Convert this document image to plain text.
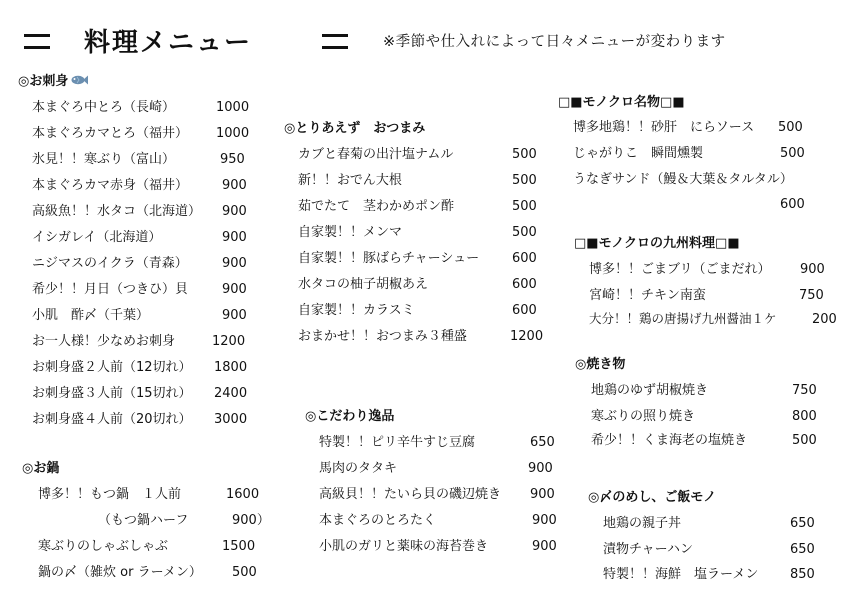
料理メニュー	※季節や仕入れによって日々メニューが変わります
◎お刺身
本まぐろ中とろ（長崎）	1000
本まぐろカマとろ（福井） 1000
氷見！！寒ぶり（富山）	950
本まぐろカマ赤身（福井）	900
高級魚！！水タコ（北海道） 900
イシガレイ（北海道）	900
ニジマスのイクラ（青森）	900
希少！！月日（つきひ）貝	900
小肌　酢〆（千葉）	900
お一人様！少なめお刺身	1200
お刺身盛２人前（12切れ） 1800
お刺身盛３人前（15切れ） 2400
お刺身盛４人前（20切れ） 3000
◎お鍋
博多！！もつ鍋　１人前	1600
（もつ鍋ハーフ	900）
寒ぶりのしゃぶしゃぶ	1500
鍋の〆（雑炊 or ラーメン） 500
◎とりあえず　おつまみ
カブと春菊の出汁塩ナムル	500
新！！おでん大根	500
茹でたて　茎わかめポン酢	500
自家製！！メンマ	500
自家製！！豚ばらチャーシュー	600
水タコの柚子胡椒あえ	600
自家製！！カラスミ	600
おまかせ！！おつまみ３種盛	1200
◎こだわり逸品
特製！！ピリ辛牛すじ豆腐	650
馬肉のタタキ	900
高級貝！！たいら貝の磯辺焼き 900
本まぐろのとろたく	900
小肌のガリと薬味の海苔巻き	900
□■モノクロ名物□■
博多地鶏！！砂肝　にらソース 500
じゃがりこ　瞬間燻製	500
うなぎサンド（鰻＆大葉＆タルタル）
600
□■モノクロの九州料理□■
博多！！ごまブリ（ごまだれ） 900
宮崎！！チキン南蛮	750
大分！！鶏の唐揚げ九州醤油１ケ	200
◎焼き物
地鶏のゆず胡椒焼き	750
寒ぶりの照り焼き	800
希少！！くま海老の塩焼き	500
◎〆のめし、ご飯モノ
地鶏の親子丼	650
漬物チャーハン	650
特製！！海鮮　塩ラーメン 850
